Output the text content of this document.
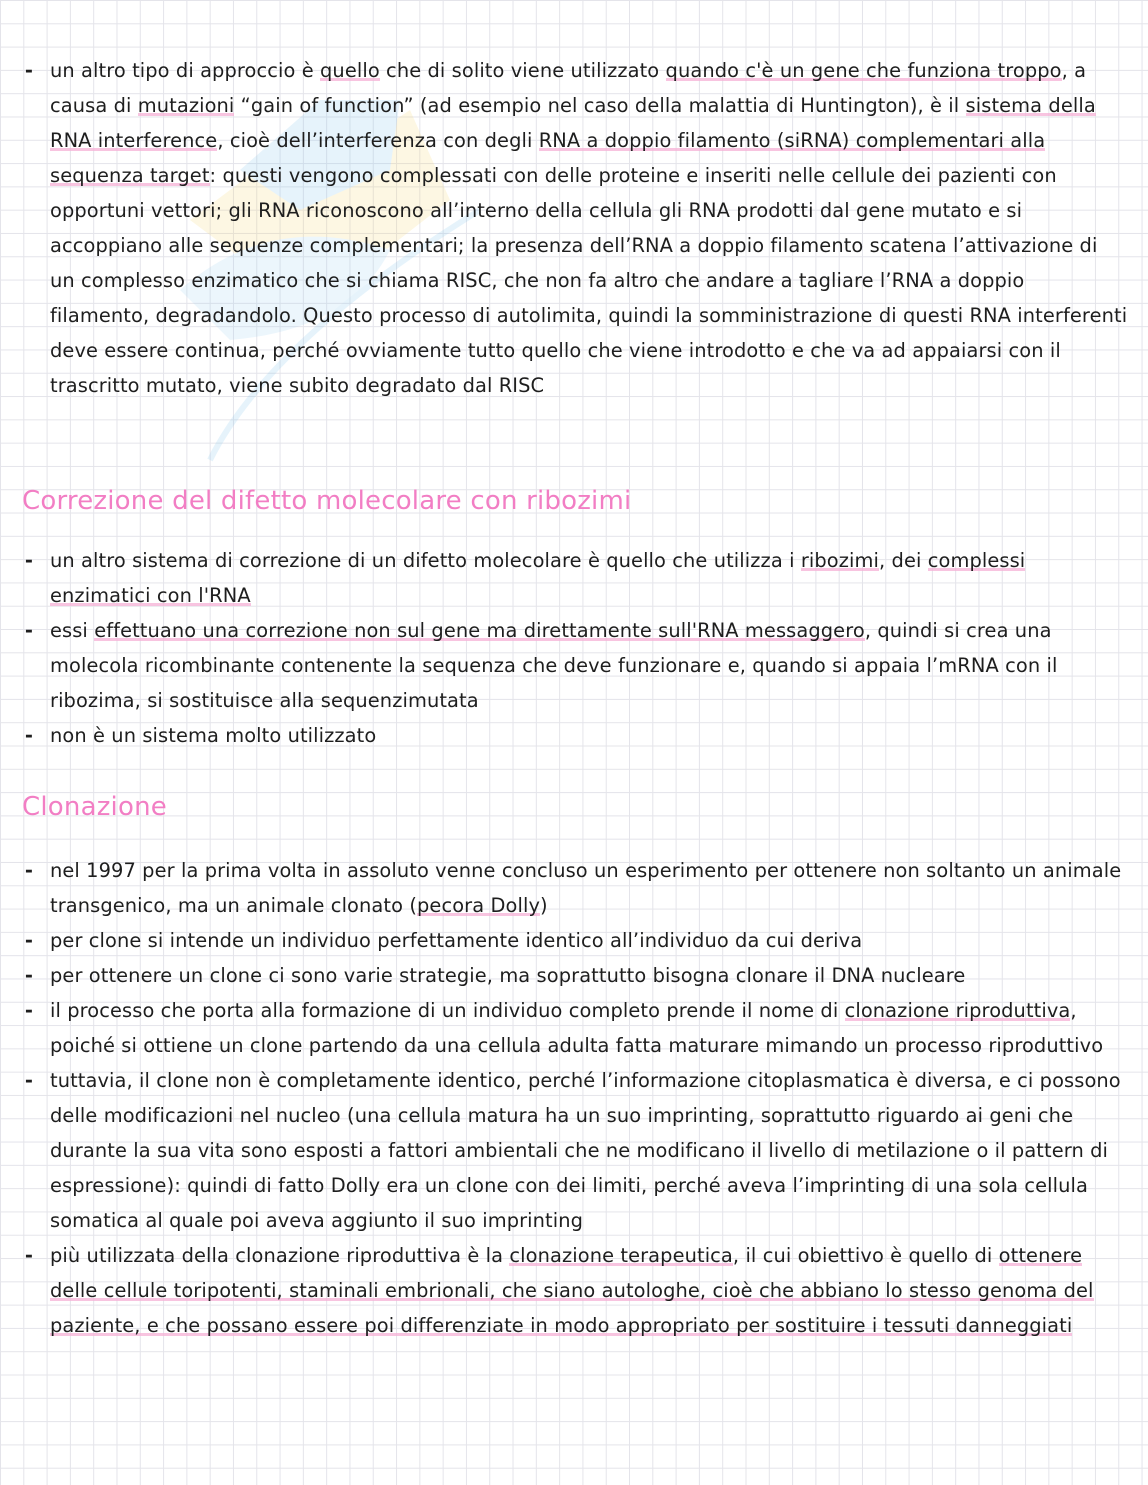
- un altro tipo di approccio è quello che di solito viene utilizzato quando c'è un gene che funziona troppo, a causa di mutazioni “gain of function” (ad esempio nel caso della malattia di Huntington), è il sistema della RNA interference, cioè dell’interferenza con degli RNA a doppio filamento (siRNA) complementari alla sequenza target: questi vengono complessati con delle proteine e inseriti nelle cellule dei pazienti con opportuni vettori; gli RNA riconoscono all’interno della cellula gli RNA prodotti dal gene mutato e si accoppiano alle sequenze complementari; la presenza dell’RNA a doppio filamento scatena l’attivazione di un complesso enzimatico che si chiama RISC, che non fa altro che andare a tagliare l’RNA a doppio filamento, degradandolo. Questo processo di autolimita, quindi la somministrazione di questi RNA interferenti deve essere continua, perché ovviamente tutto quello che viene introdotto e che va ad appaiarsi con il trascritto mutato, viene subito degradato dal RISC
Correzione del difetto molecolare con ribozimi
- un altro sistema di correzione di un difetto molecolare è quello che utilizza i ribozimi, dei complessi enzimatici con l'RNA
- essi effettuano una correzione non sul gene ma direttamente sull'RNA messaggero, quindi si crea una molecola ricombinante contenente la sequenza che deve funzionare e, quando si appaia l’mRNA con il ribozima, si sostituisce alla sequenzimutata
- non è un sistema molto utilizzato
Clonazione
- nel 1997 per la prima volta in assoluto venne concluso un esperimento per ottenere non soltanto un animale transgenico, ma un animale clonato (pecora Dolly)
- per clone si intende un individuo perfettamente identico all’individuo da cui deriva
- per ottenere un clone ci sono varie strategie, ma soprattutto bisogna clonare il DNA nucleare
- il processo che porta alla formazione di un individuo completo prende il nome di clonazione riproduttiva, poiché si ottiene un clone partendo da una cellula adulta fatta maturare mimando un processo riproduttivo
- tuttavia, il clone non è completamente identico, perché l’informazione citoplasmatica è diversa, e ci possono delle modificazioni nel nucleo (una cellula matura ha un suo imprinting, soprattutto riguardo ai geni che durante la sua vita sono esposti a fattori ambientali che ne modificano il livello di metilazione o il pattern di espressione): quindi di fatto Dolly era un clone con dei limiti, perché aveva l’imprinting di una sola cellula somatica al quale poi aveva aggiunto il suo imprinting
- più utilizzata della clonazione riproduttiva è la clonazione terapeutica, il cui obiettivo è quello di ottenere delle cellule toripotenti, staminali embrionali, che siano autologhe, cioè che abbiano lo stesso genoma del paziente, e che possano essere poi differenziate in modo appropriato per sostituire i tessuti danneggiati
